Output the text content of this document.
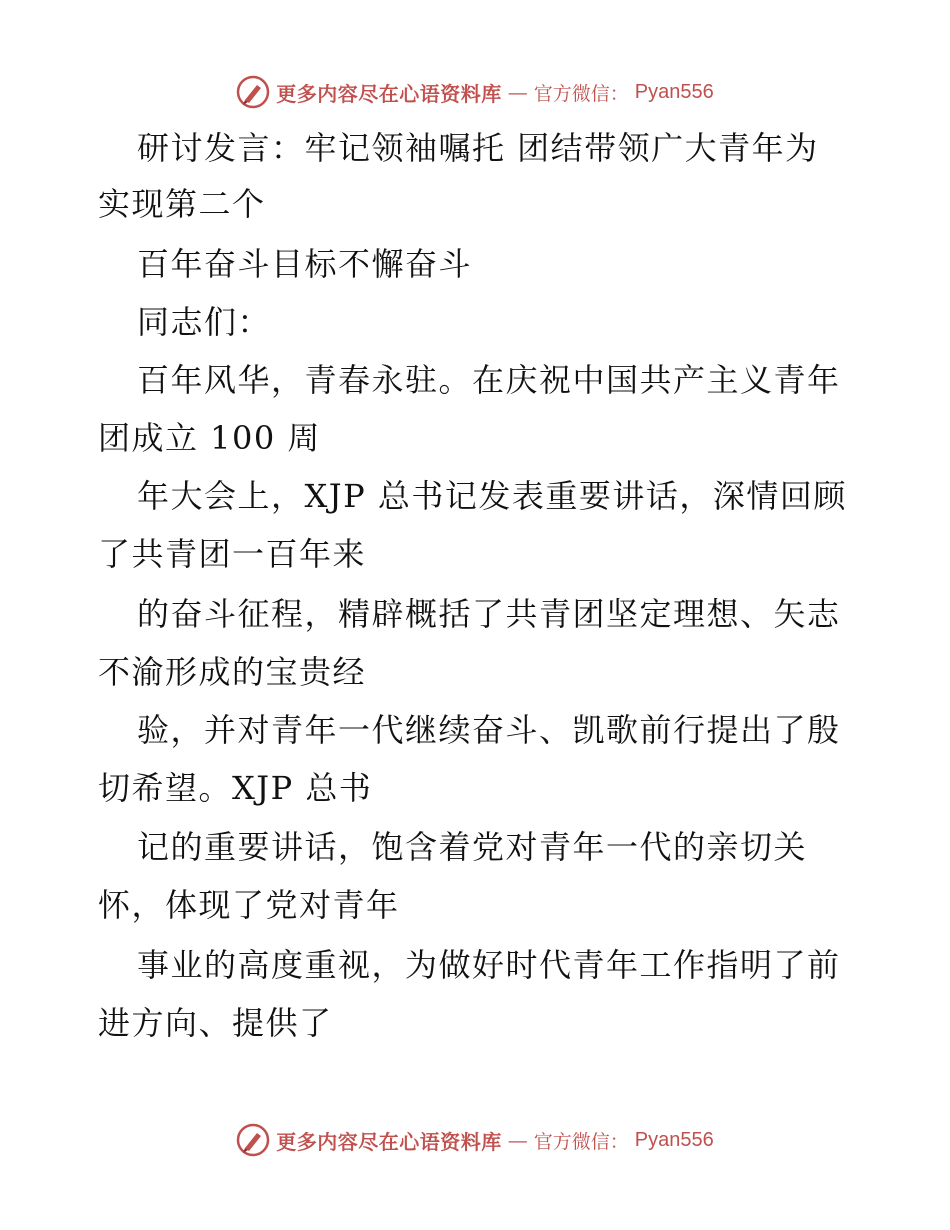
更多内容尽在心语资料库 — 官方微信： Pyan556
研讨发言：牢记领袖嘱托 团结带领广大青年为
实现第二个
百年奋斗目标不懈奋斗
同志们：
百年风华，青春永驻。在庆祝中国共产主义青年
团成立 100 周
年大会上，XJP 总书记发表重要讲话，深情回顾
了共青团一百年来
的奋斗征程，精辟概括了共青团坚定理想、矢志
不渝形成的宝贵经
验，并对青年一代继续奋斗、凯歌前行提出了殷
切希望。XJP 总书
记的重要讲话，饱含着党对青年一代的亲切关
怀，体现了党对青年
事业的高度重视，为做好时代青年工作指明了前
进方向、提供了
更多内容尽在心语资料库 — 官方微信： Pyan556
